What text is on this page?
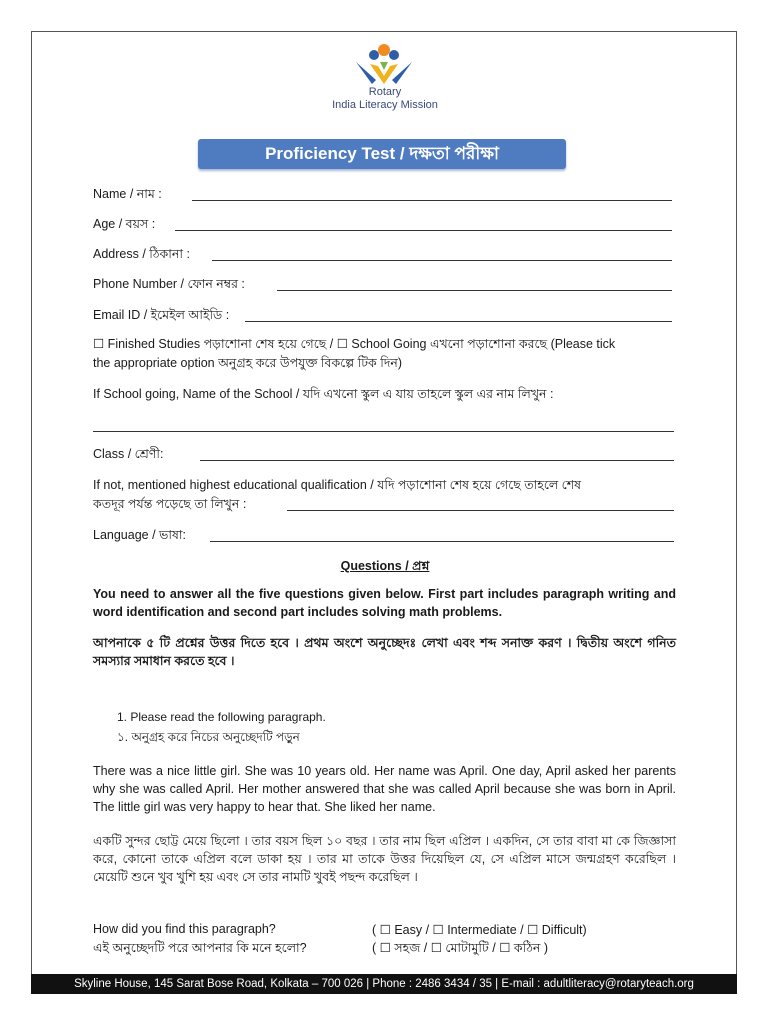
Rotary
India Literacy Mission
Proficiency Test / দক্ষতা পরীক্ষা
Name / নাম :
Age / বয়স :
Address / ঠিকানা :
Phone Number / ফোন নম্বর :
Email ID / ইমেইল আইডি :
☐ Finished Studies পড়াশোনা শেষ হয়ে গেছে / ☐ School Going এখনো পড়াশোনা করছে (Please tick
the appropriate option অনুগ্রহ করে উপযুক্ত বিকল্পে টিক দিন)
If School going, Name of the School / যদি এখনো স্কুল এ যায় তাহলে স্কুল এর নাম লিখুন :
Class / শ্রেণী:
If not, mentioned highest educational qualification / যদি পড়াশোনা শেষ হয়ে গেছে তাহলে শেষ
কতদূর পর্যন্ত পড়েছে তা লিখুন :
Language / ভাষা:
Questions / প্রশ্ন
You need to answer all the five questions given below. First part includes paragraph writing and word identification and second part includes solving math problems.
আপনাকে ৫ টি প্রশ্নের উত্তর দিতে হবে । প্রথম অংশে অনুচ্ছেদঃ লেখা এবং শব্দ সনাক্ত করণ । দ্বিতীয় অংশে গনিত সমস্যার সমাধান করতে হবে ।
1. Please read the following paragraph.
১. অনুগ্রহ করে নিচের অনুচ্ছেদটি পড়ুন
There was a nice little girl. She was 10 years old. Her name was April. One day, April asked her parents why she was called April. Her mother answered that she was called April because she was born in April. The little girl was very happy to hear that. She liked her name.
একটি সুন্দর ছোট্ট মেয়ে ছিলো । তার বয়স ছিল ১০ বছর । তার নাম ছিল এপ্রিল । একদিন, সে তার বাবা মা কে জিজ্ঞাসা করে, কোনো তাকে এপ্রিল বলে ডাকা হয় । তার মা তাকে উত্তর দিয়েছিল যে, সে এপ্রিল মাসে জন্মগ্রহণ করেছিল । মেয়েটি শুনে খুব খুশি হয় এবং সে তার নামটি খুবই পছন্দ করেছিল ।
How did you find this paragraph?
এই অনুচ্ছেদটি পরে আপনার কি মনে হলো?
( ☐ Easy / ☐ Intermediate / ☐ Difficult)
( ☐ সহজ / ☐ মোটামুটি / ☐ কঠিন )
Skyline House, 145 Sarat Bose Road, Kolkata – 700 026 | Phone : 2486 3434 / 35 | E-mail : adultliteracy@rotaryteach.org
